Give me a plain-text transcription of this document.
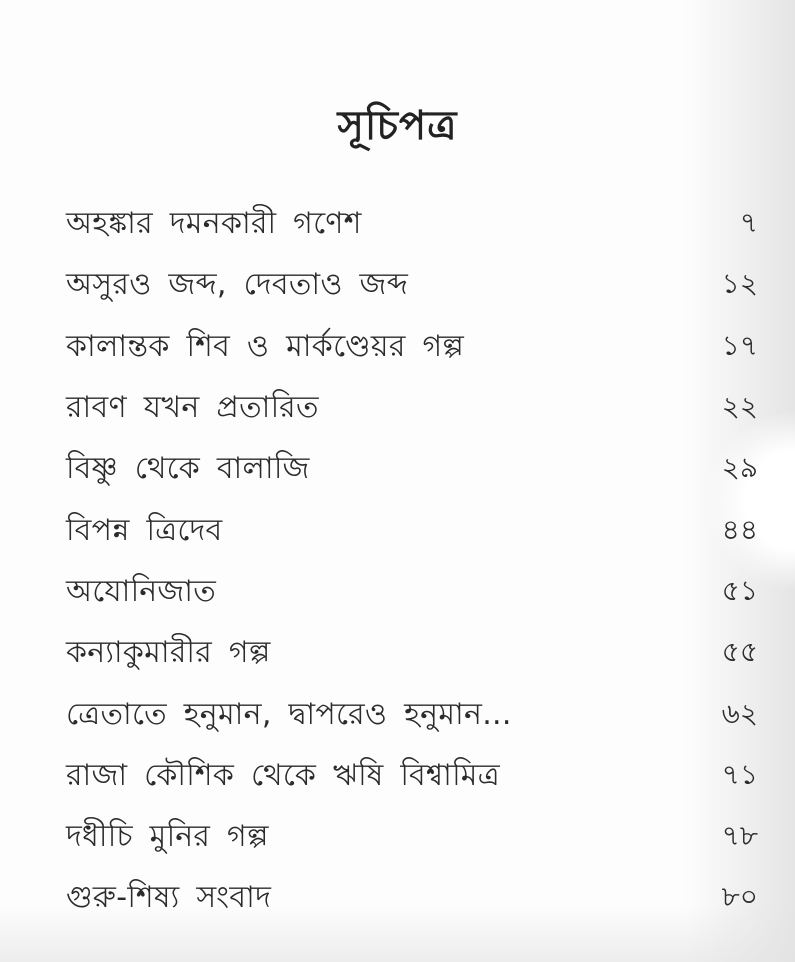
সূচিপত্র
অহঙ্কার দমনকারী গণেশ	৭
অসুরও জব্দ, দেবতাও জব্দ	১২
কালান্তক শিব ও মার্কণ্ডেয়র গল্প	১৭
রাবণ যখন প্রতারিত	২২
বিষ্ণু থেকে বালাজি	২৯
বিপন্ন ত্রিদেব	৪৪
অযোনিজাত	৫১
কন্যাকুমারীর গল্প	৫৫
ত্রেতাতে হনুমান, দ্বাপরেও হনুমান...	৬২
রাজা কৌশিক থেকে ঋষি বিশ্বামিত্র	৭১
দধীচি মুনির গল্প	৭৮
গুরু-শিষ্য সংবাদ	৮০
